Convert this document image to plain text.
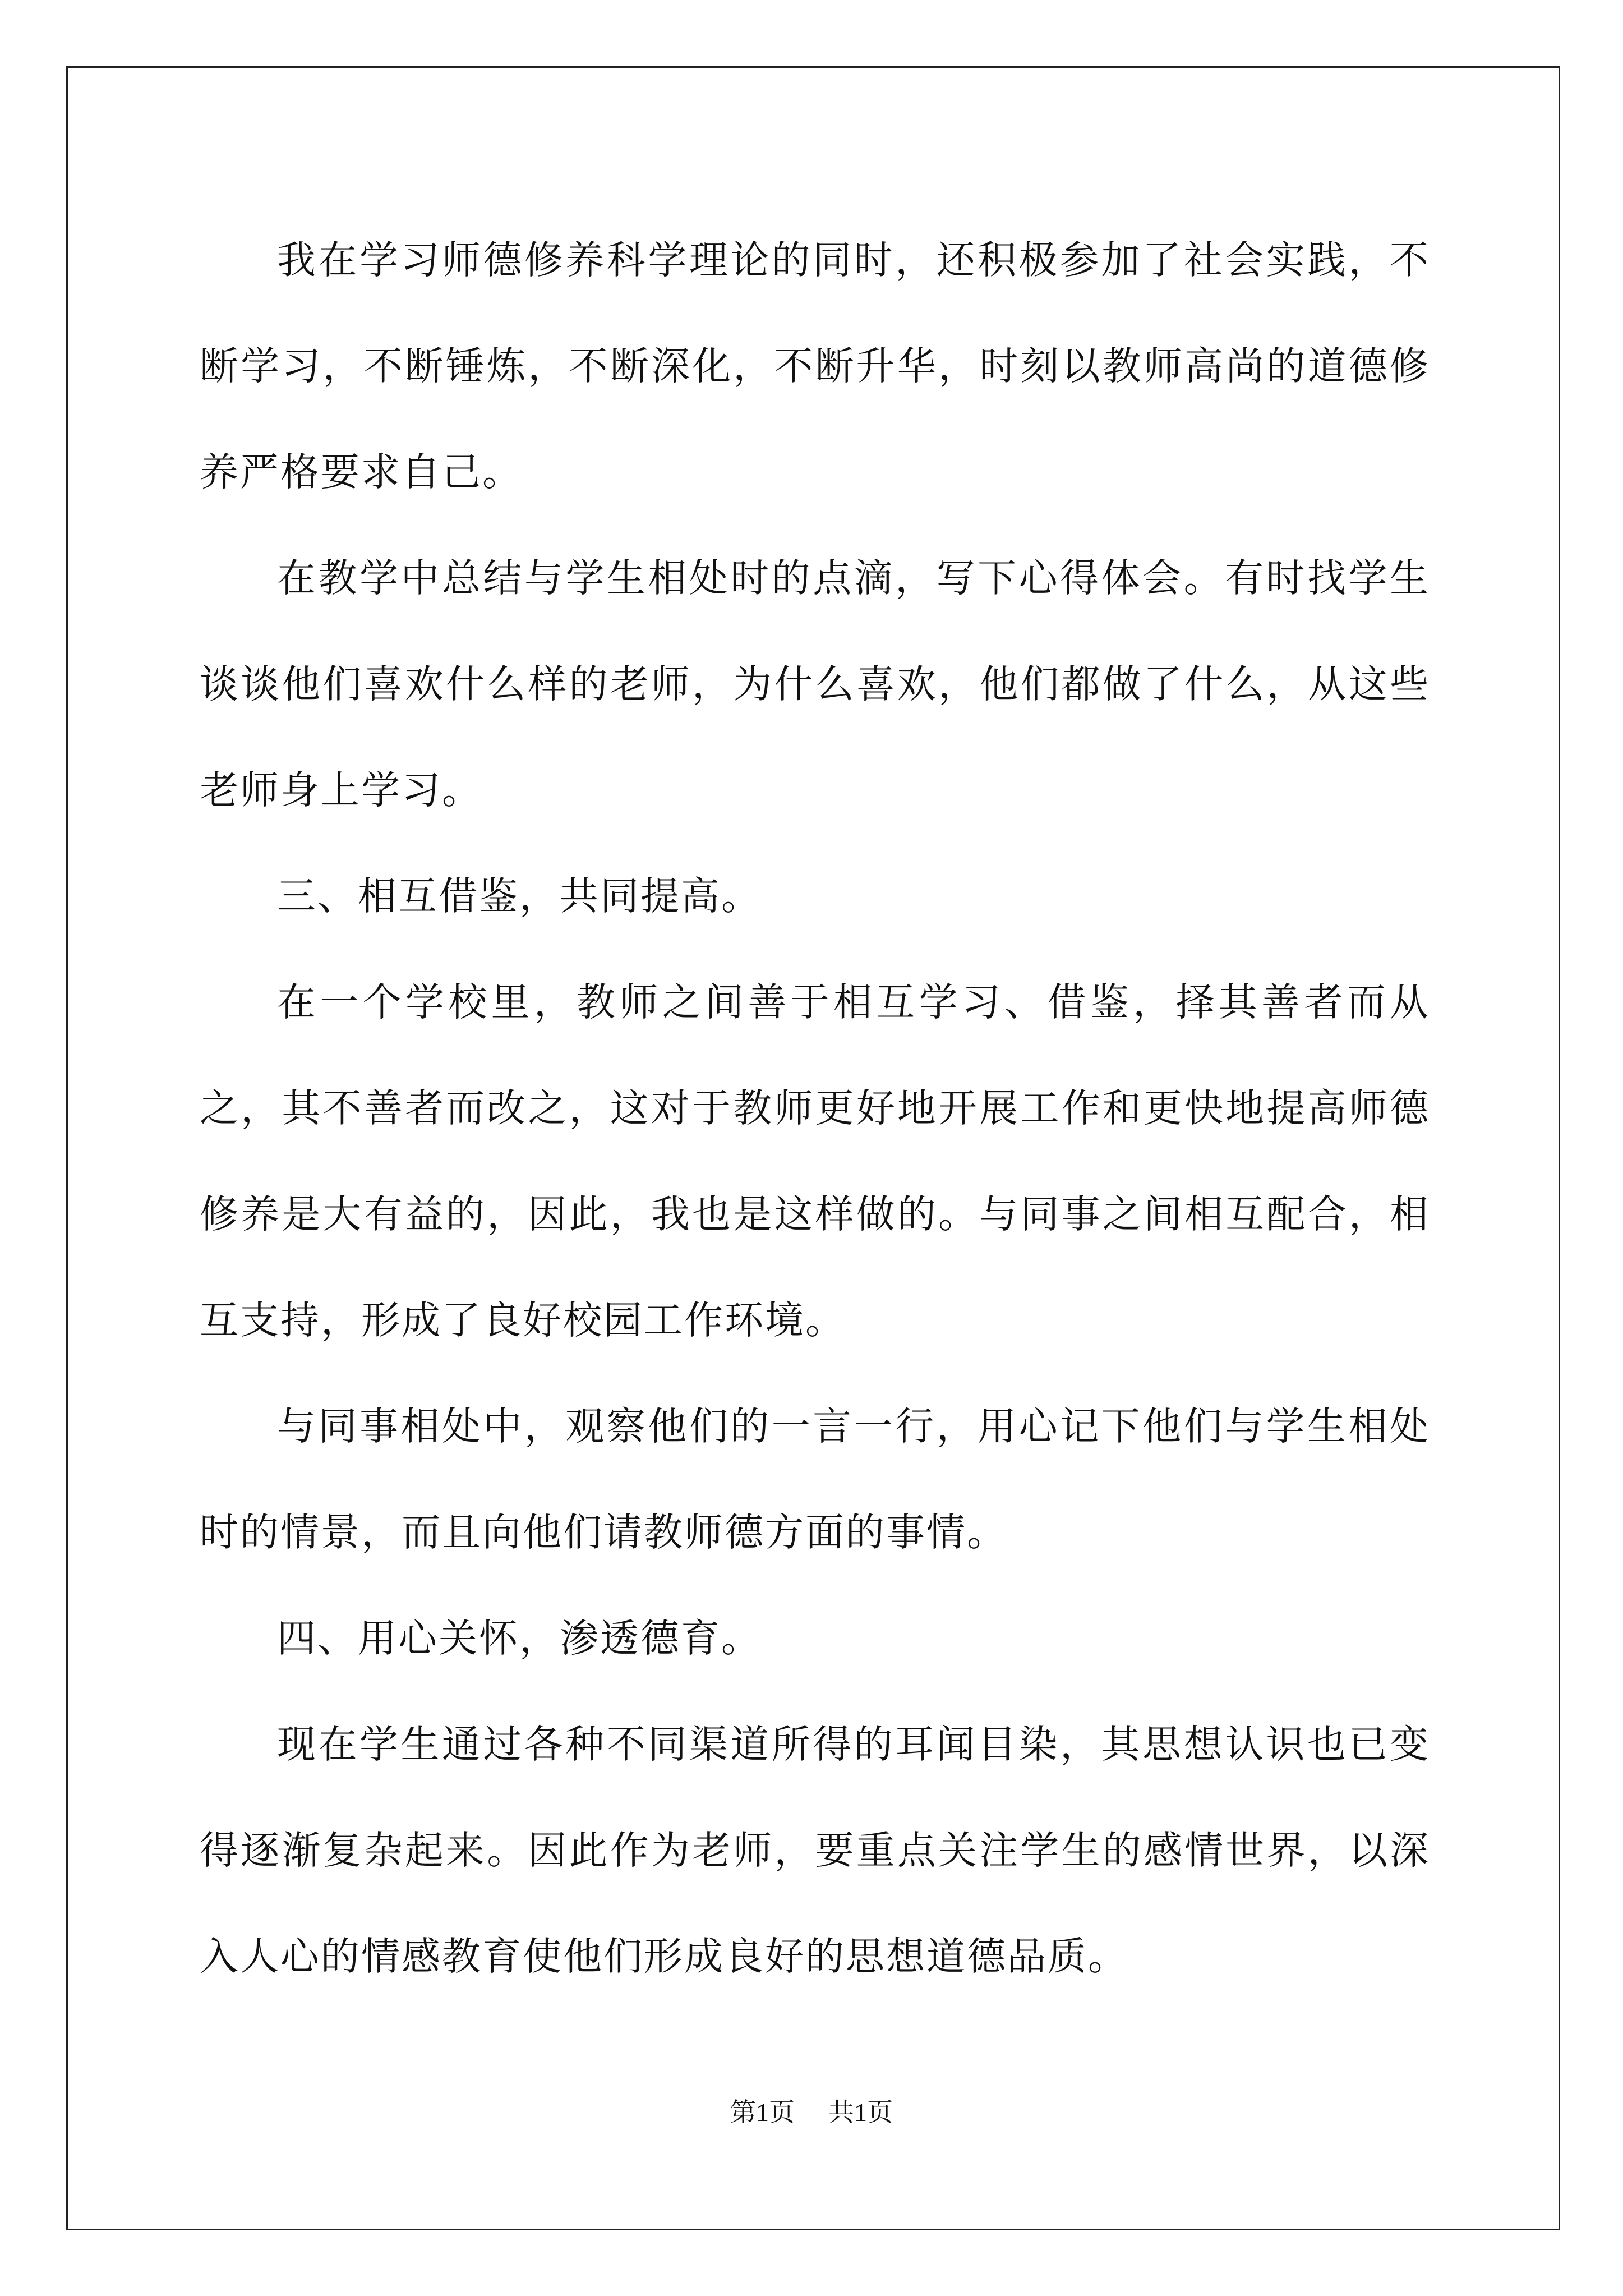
我在学习师德修养科学理论的同时，还积极参加了社会实践，不断学习，不断锤炼，不断深化，不断升华，时刻以教师高尚的道德修养严格要求自己。

在教学中总结与学生相处时的点滴，写下心得体会。有时找学生谈谈他们喜欢什么样的老师，为什么喜欢，他们都做了什么，从这些老师身上学习。

三、相互借鉴，共同提高。

在一个学校里，教师之间善于相互学习、借鉴，择其善者而从之，其不善者而改之，这对于教师更好地开展工作和更快地提高师德修养是大有益的，因此，我也是这样做的。与同事之间相互配合，相互支持，形成了良好校园工作环境。

与同事相处中，观察他们的一言一行，用心记下他们与学生相处时的情景，而且向他们请教师德方面的事情。

四、用心关怀，渗透德育。

现在学生通过各种不同渠道所得的耳闻目染，其思想认识也已变得逐渐复杂起来。因此作为老师，要重点关注学生的感情世界，以深入人心的情感教育使他们形成良好的思想道德品质。

第1页 共1页
